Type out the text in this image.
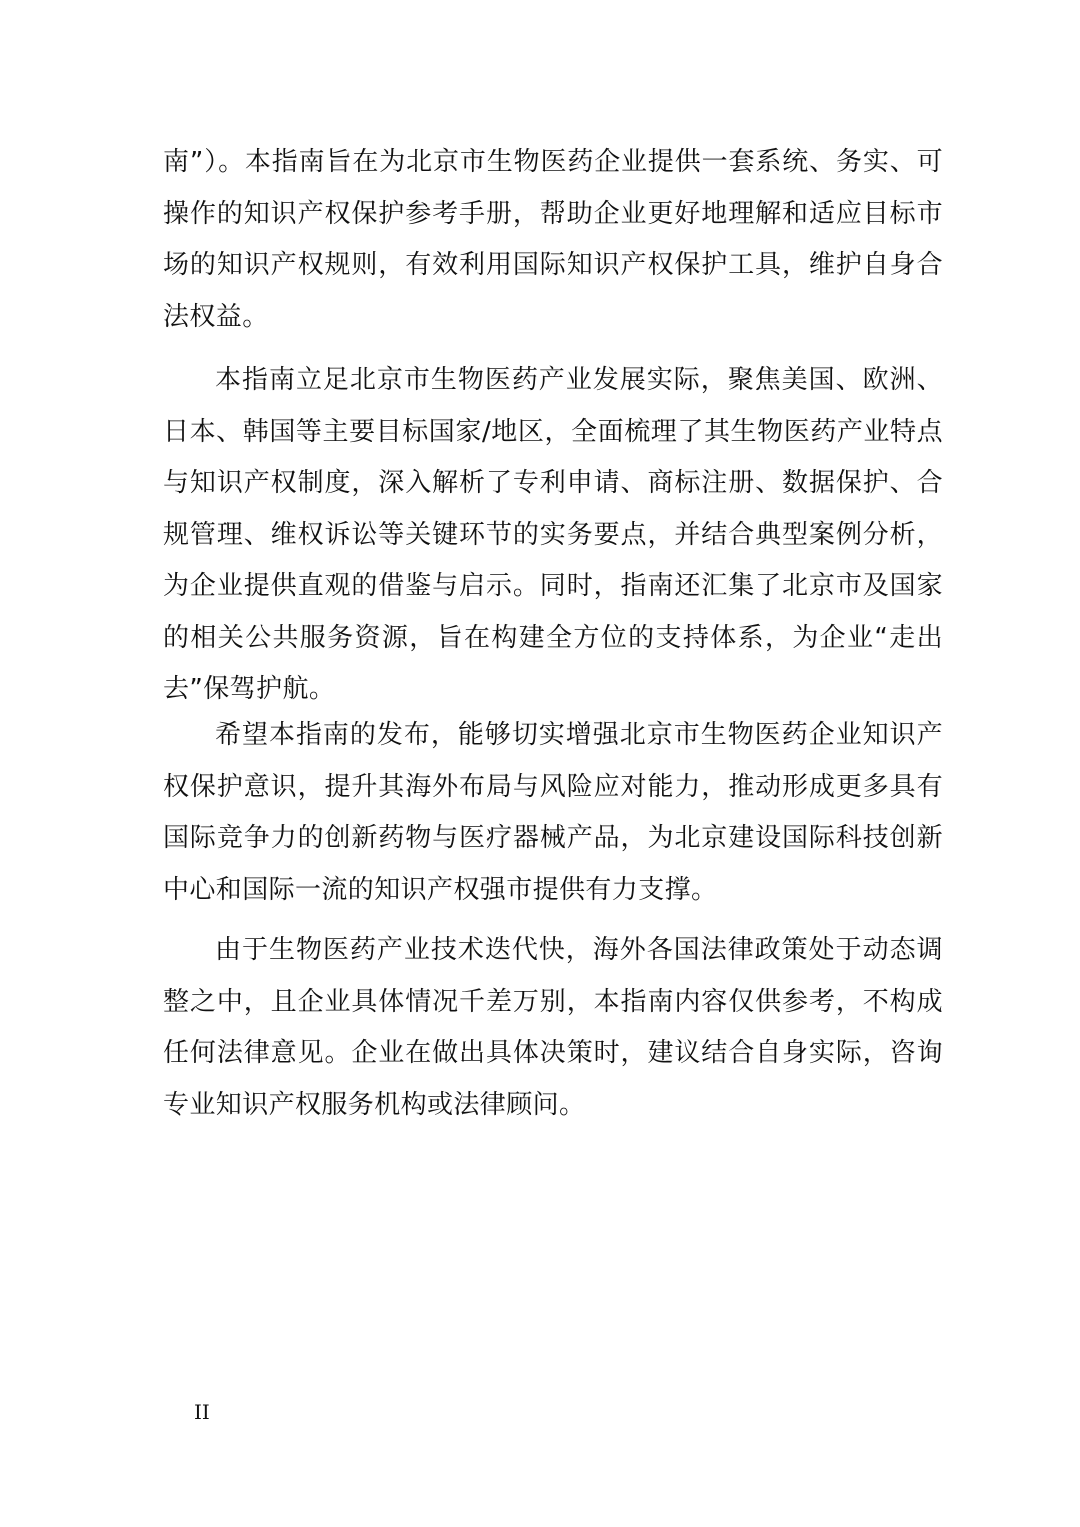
南”）。本指南旨在为北京市生物医药企业提供一套系统、务实、可操作的知识产权保护参考手册，帮助企业更好地理解和适应目标市场的知识产权规则，有效利用国际知识产权保护工具，维护自身合法权益。

本指南立足北京市生物医药产业发展实际，聚焦美国、欧洲、日本、韩国等主要目标国家/地区，全面梳理了其生物医药产业特点与知识产权制度，深入解析了专利申请、商标注册、数据保护、合规管理、维权诉讼等关键环节的实务要点，并结合典型案例分析，为企业提供直观的借鉴与启示。同时，指南还汇集了北京市及国家的相关公共服务资源，旨在构建全方位的支持体系，为企业“走出去”保驾护航。

希望本指南的发布，能够切实增强北京市生物医药企业知识产权保护意识，提升其海外布局与风险应对能力，推动形成更多具有国际竞争力的创新药物与医疗器械产品，为北京建设国际科技创新中心和国际一流的知识产权强市提供有力支撑。

由于生物医药产业技术迭代快，海外各国法律政策处于动态调整之中，且企业具体情况千差万别，本指南内容仅供参考，不构成任何法律意见。企业在做出具体决策时，建议结合自身实际，咨询专业知识产权服务机构或法律顾问。

II
